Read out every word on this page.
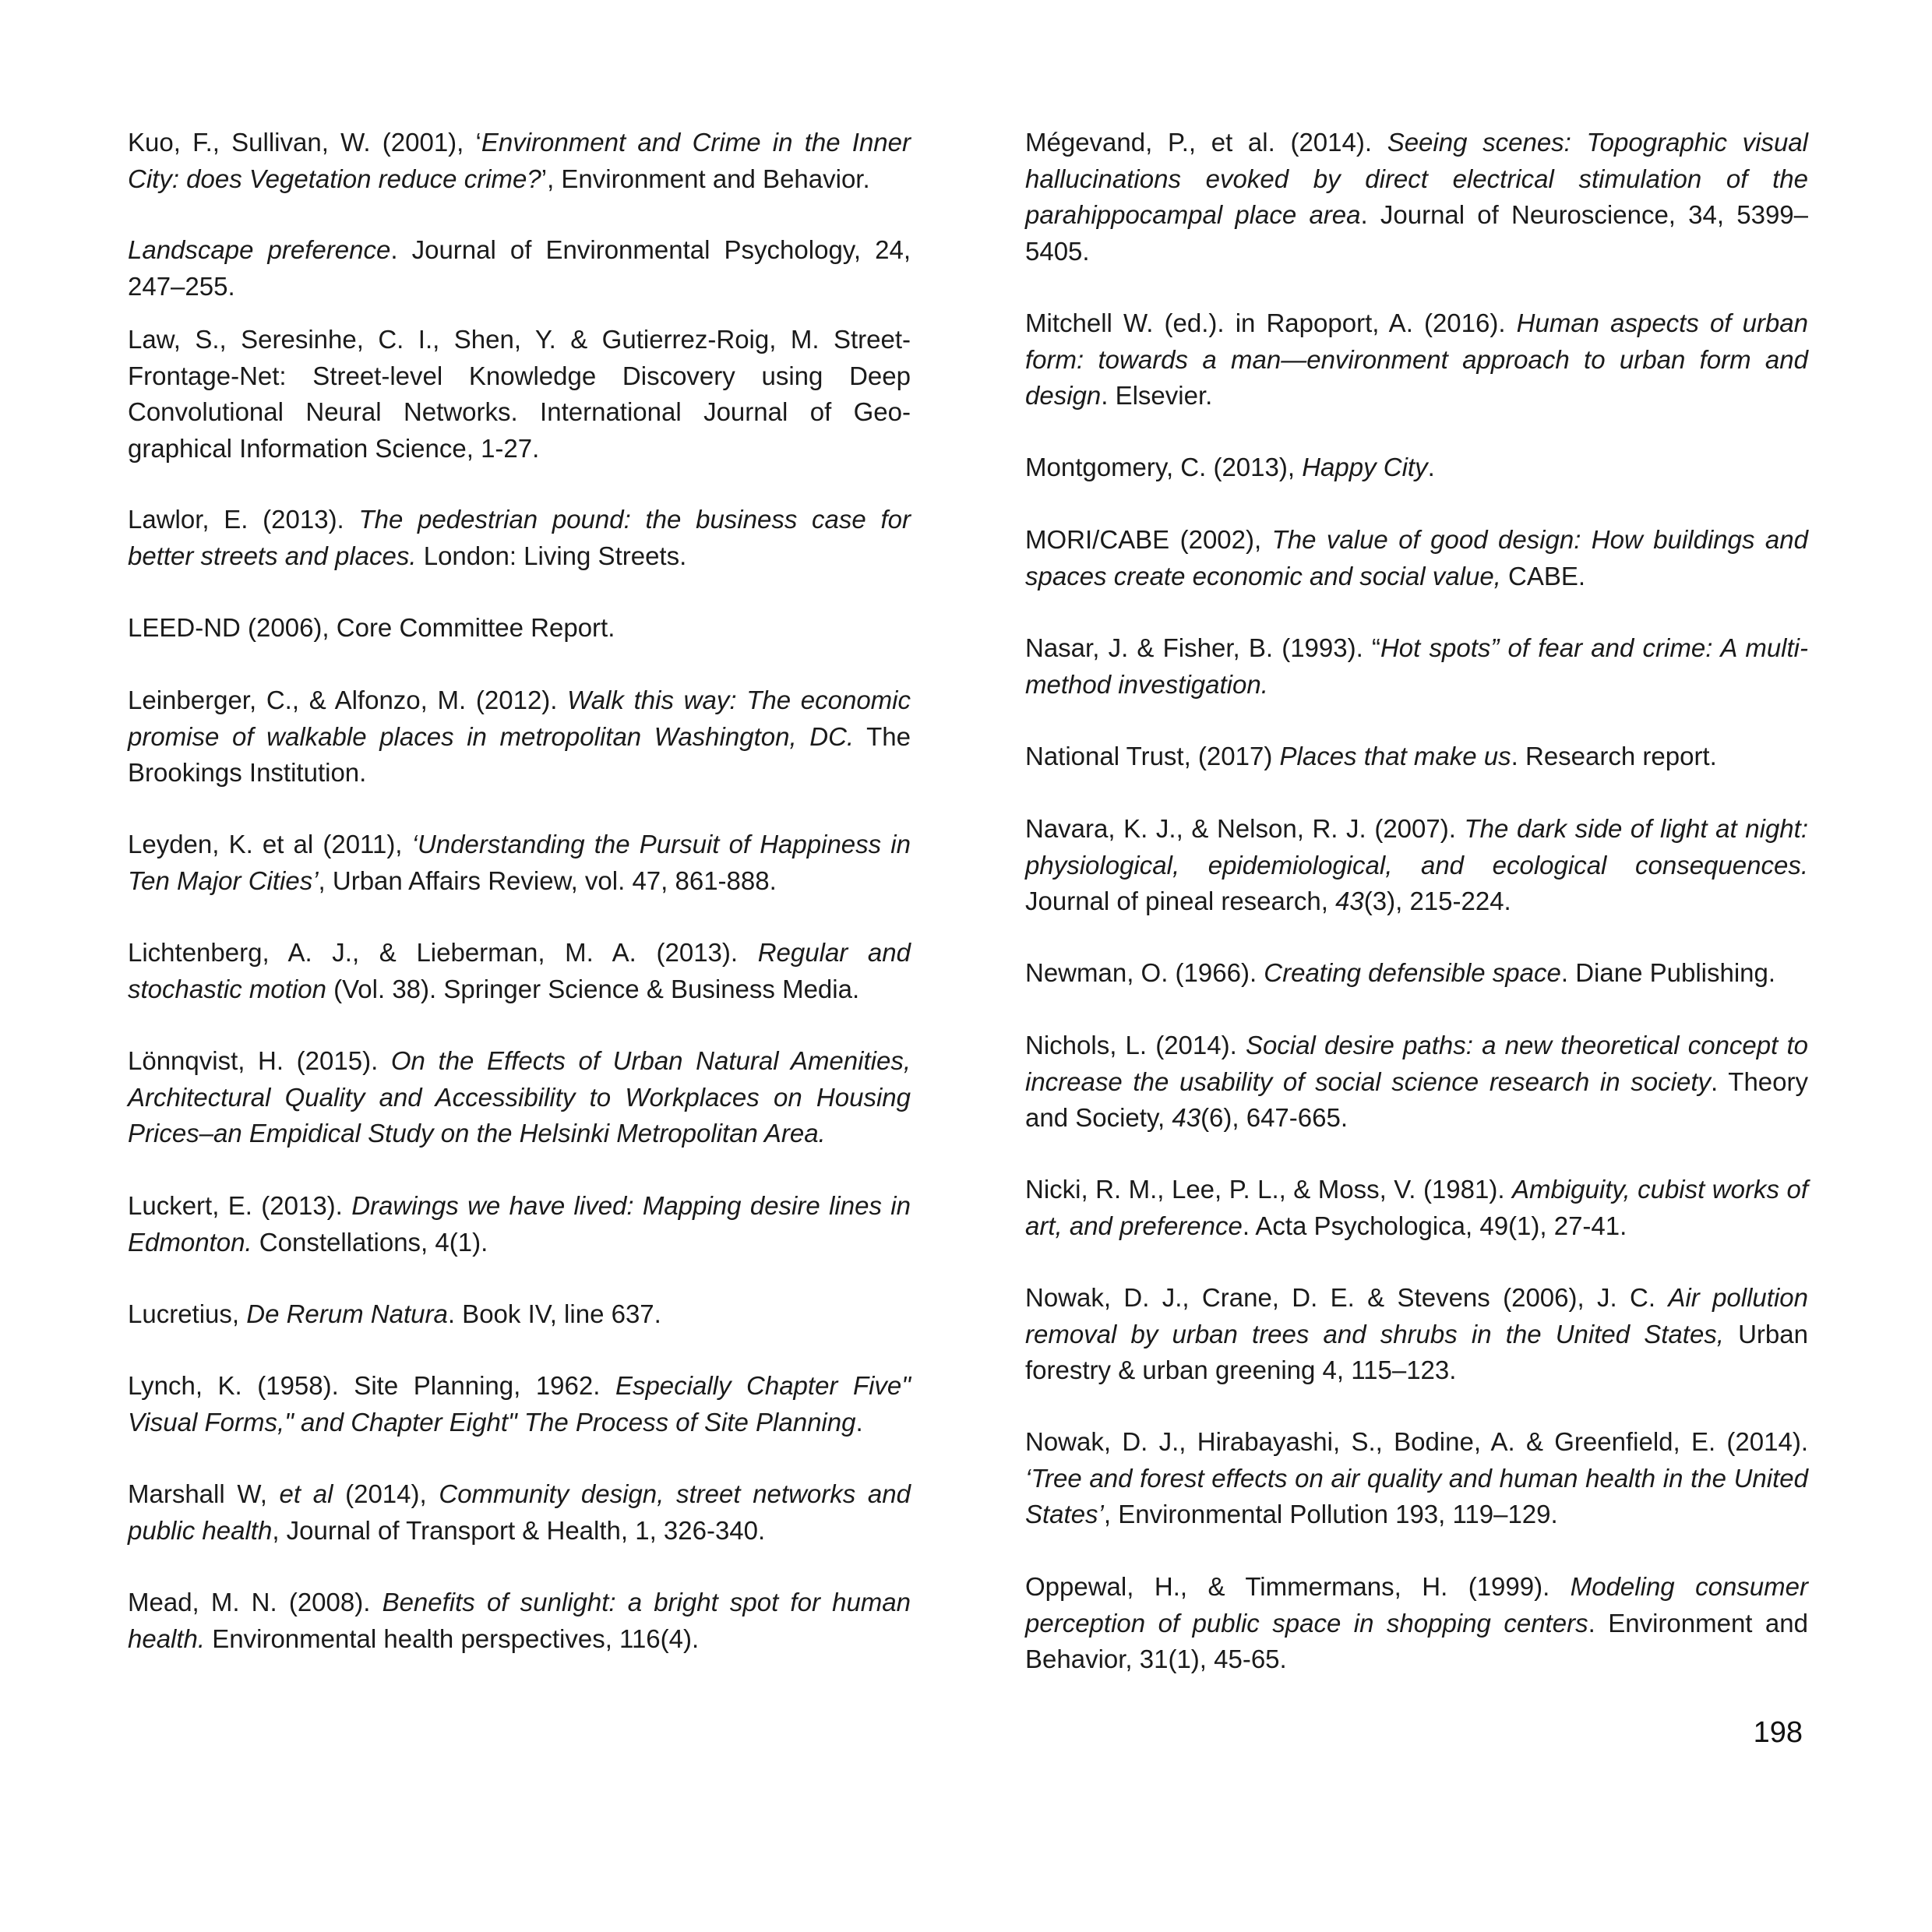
Kuo, F., Sullivan, W. (2001), ‘Environment and Crime in the Inner City: does Vegetation reduce crime?’, Environment and Behavior.

Landscape preference. Journal of Environmental Psychology, 24, 247–255.

Law, S., Seresinhe, C. I., Shen, Y. & Gutierrez-Roig, M. Street-Frontage-Net: Street-level Knowledge Discovery using Deep Convolutional Neural Networks. International Journal of Geo-graphical Information Science, 1-27.

Lawlor, E. (2013). The pedestrian pound: the business case for better streets and places. London: Living Streets.

LEED-ND (2006), Core Committee Report.

Leinberger, C., & Alfonzo, M. (2012). Walk this way: The economic promise of walkable places in metropolitan Washington, DC. The Brookings Institution.

Leyden, K. et al (2011), ‘Understanding the Pursuit of Happiness in Ten Major Cities’, Urban Affairs Review, vol. 47, 861-888.

Lichtenberg, A. J., & Lieberman, M. A. (2013). Regular and stochastic motion (Vol. 38). Springer Science & Business Media.

Lönnqvist, H. (2015). On the Effects of Urban Natural Amenities, Architectural Quality and Accessibility to Workplaces on Housing Prices–an Empidical Study on the Helsinki Metropolitan Area.

Luckert, E. (2013). Drawings we have lived: Mapping desire lines in Edmonton. Constellations, 4(1).

Lucretius, De Rerum Natura. Book IV, line 637.

Lynch, K. (1958). Site Planning, 1962. Especially Chapter Five" Visual Forms," and Chapter Eight" The Process of Site Planning.

Marshall W, et al (2014), Community design, street networks and public health, Journal of Transport & Health, 1, 326-340.

Mead, M. N. (2008). Benefits of sunlight: a bright spot for human health. Environmental health perspectives, 116(4).

Mégevand, P., et al. (2014). Seeing scenes: Topographic visual hallucinations evoked by direct electrical stimulation of the parahippocampal place area. Journal of Neuroscience, 34, 5399–5405.

Mitchell W. (ed.). in Rapoport, A. (2016). Human aspects of urban form: towards a man—environment approach to urban form and design. Elsevier.

Montgomery, C. (2013), Happy City.

MORI/CABE (2002), The value of good design: How buildings and spaces create economic and social value, CABE.

Nasar, J. & Fisher, B. (1993). “Hot spots” of fear and crime: A multi-method investigation.

National Trust, (2017) Places that make us. Research report.

Navara, K. J., & Nelson, R. J. (2007). The dark side of light at night: physiological, epidemiological, and ecological consequences. Journal of pineal research, 43(3), 215-224.

Newman, O. (1966). Creating defensible space. Diane Publishing.

Nichols, L. (2014). Social desire paths: a new theoretical concept to increase the usability of social science research in society. Theory and Society, 43(6), 647-665.

Nicki, R. M., Lee, P. L., & Moss, V. (1981). Ambiguity, cubist works of art, and preference. Acta Psychologica, 49(1), 27-41.

Nowak, D. J., Crane, D. E. & Stevens (2006), J. C. Air pollution removal by urban trees and shrubs in the United States, Urban forestry & urban greening 4, 115–123.

Nowak, D. J., Hirabayashi, S., Bodine, A. & Greenfield, E. (2014). ‘Tree and forest effects on air quality and human health in the United States’, Environmental Pollution 193, 119–129.

Oppewal, H., & Timmermans, H. (1999). Modeling consumer perception of public space in shopping centers. Environment and Behavior, 31(1), 45-65.

198
